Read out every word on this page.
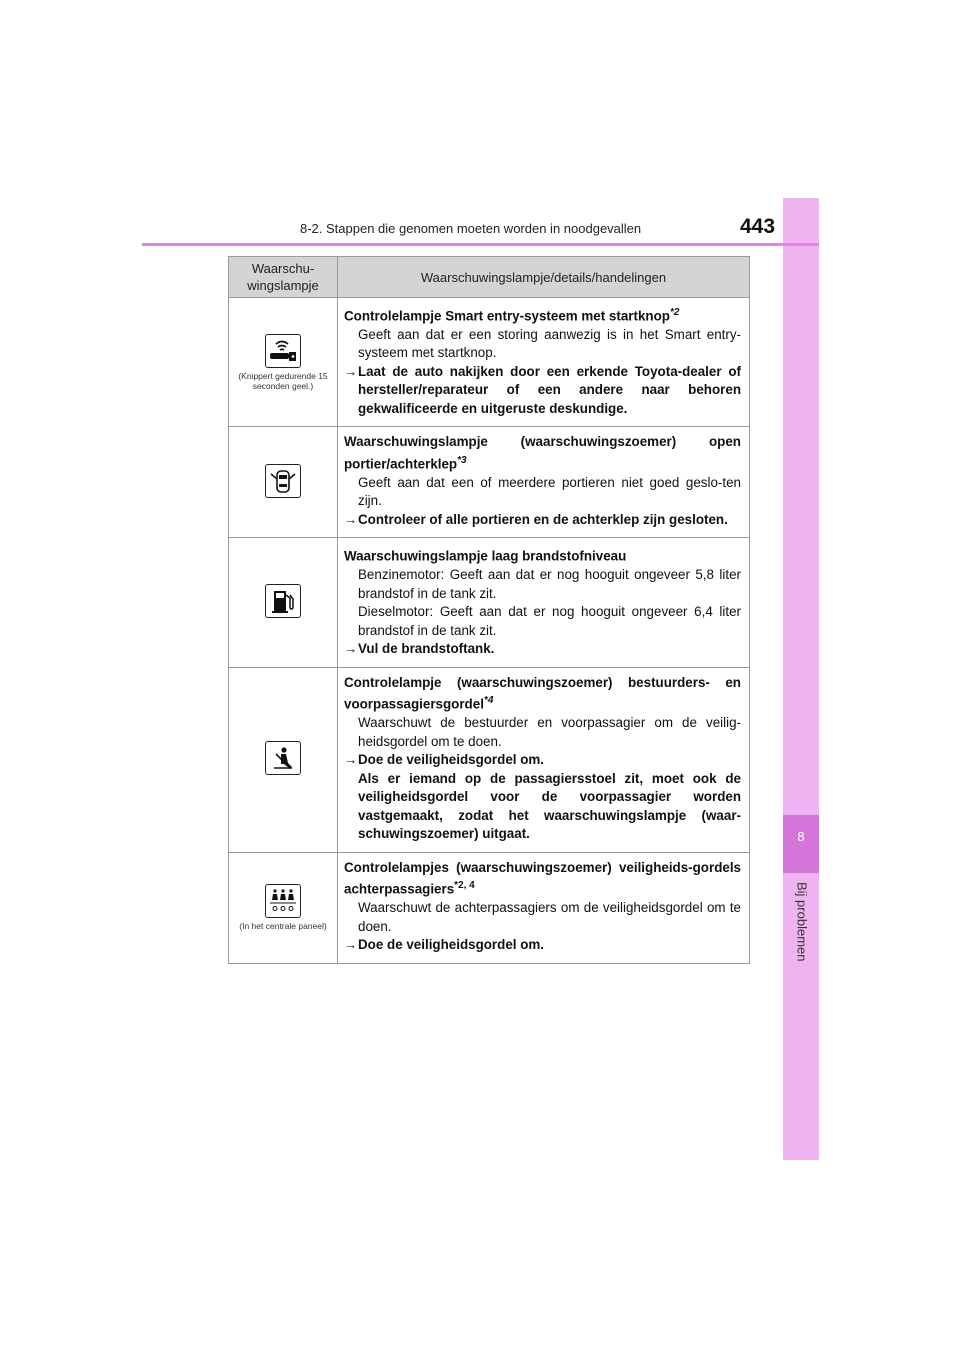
8
Bij problemen
8-2. Stappen die genomen moeten worden in noodgevallen	443
Waarschu-
wingslampje	Waarschuwingslampje/details/handelingen

(Knippert gedurende 15 seconden geel.)	Controlelampje Smart entry-systeem met startknop$^{*2}$
Geeft aan dat er een storing aanwezig is in het Smart entry-systeem met startknop.
→ Laat de auto nakijken door een erkende Toyota-dealer of hersteller/reparateur of een andere naar behoren gekwalificeerde en uitgeruste deskundige.

Waarschuwingslampje (waarschuwingszoemer) open portier/achterklep$^{*3}$
Geeft aan dat een of meerdere portieren niet goed geslo-ten zijn.
→ Controleer of alle portieren en de achterklep zijn gesloten.

Waarschuwingslampje laag brandstofniveau
Benzinemotor: Geeft aan dat er nog hooguit ongeveer 5,8 liter brandstof in de tank zit.
Dieselmotor: Geeft aan dat er nog hooguit ongeveer 6,4 liter brandstof in de tank zit.
→ Vul de brandstoftank.

Controlelampje (waarschuwingszoemer) bestuurders- en voorpassagiersgordel$^{*4}$
Waarschuwt de bestuurder en voorpassagier om de veilig-heidsgordel om te doen.
→ Doe de veiligheidsgordel om.
Als er iemand op de passagiersstoel zit, moet ook de veiligheidsgordel voor de voorpassagier worden vastgemaakt, zodat het waarschuwingslampje (waar-schuwingszoemer) uitgaat.

(In het centrale paneel)	Controlelampjes (waarschuwingszoemer) veiligheids-gordels achterpassagiers$^{*2, 4}$
Waarschuwt de achterpassagiers om de veiligheidsgordel om te doen.
→ Doe de veiligheidsgordel om.
